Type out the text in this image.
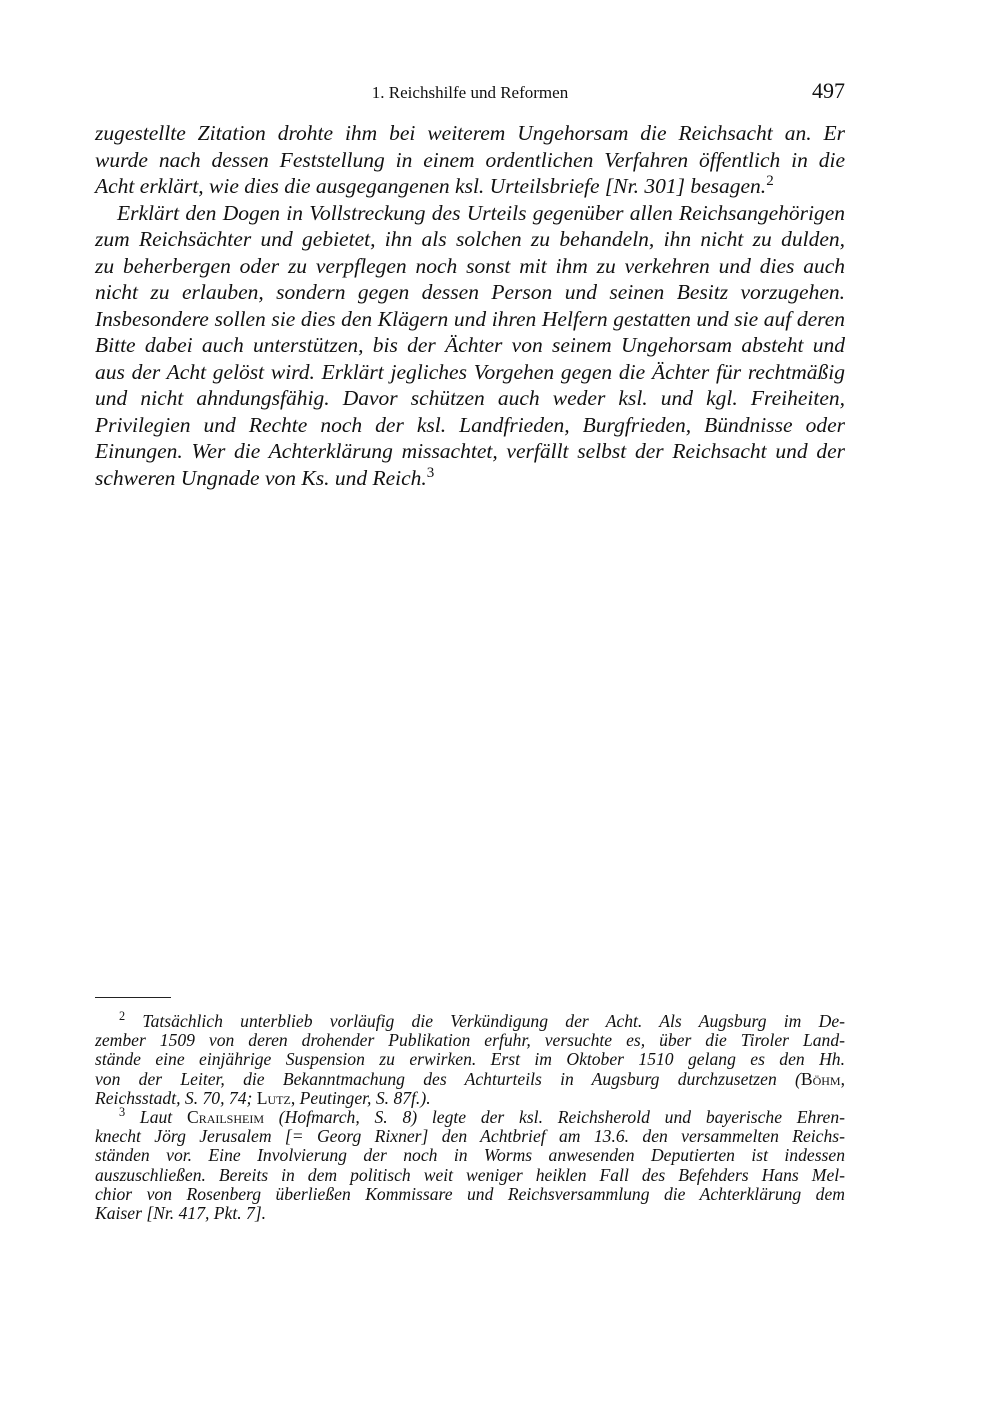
1. Reichshilfe und Reformen	497
zugestellte Zitation drohte ihm bei weiterem Ungehorsam die Reichsacht an. Er
wurde nach dessen Feststellung in einem ordentlichen Verfahren öffentlich in die
Acht erklärt, wie dies die ausgegangenen ksl. Urteilsbriefe [Nr. 301] besagen.$^2$
Erklärt den Dogen in Vollstreckung des Urteils gegenüber allen Reichsangehörigen
zum Reichsächter und gebietet, ihn als solchen zu behandeln, ihn nicht zu dulden,
zu beherbergen oder zu verpflegen noch sonst mit ihm zu verkehren und dies auch
nicht zu erlauben, sondern gegen dessen Person und seinen Besitz vorzugehen.
Insbesondere sollen sie dies den Klägern und ihren Helfern gestatten und sie auf deren
Bitte dabei auch unterstützen, bis der Ächter von seinem Ungehorsam absteht und
aus der Acht gelöst wird. Erklärt jegliches Vorgehen gegen die Ächter für rechtmäßig
und nicht ahndungsfähig. Davor schützen auch weder ksl. und kgl. Freiheiten,
Privilegien und Rechte noch der ksl. Landfrieden, Burgfrieden, Bündnisse oder
Einungen. Wer die Achterklärung missachtet, verfällt selbst der Reichsacht und der
schweren Ungnade von Ks. und Reich.$^3$
$^2$ Tatsächlich unterblieb vorläufig die Verkündigung der Acht. Als Augsburg im De-
zember 1509 von deren drohender Publikation erfuhr, versuchte es, über die Tiroler Land-
stände eine einjährige Suspension zu erwirken. Erst im Oktober 1510 gelang es den Hh.
von der Leiter, die Bekanntmachung des Achturteils in Augsburg durchzusetzen (Böhm,
Reichsstadt, S. 70, 74; Lutz, Peutinger, S. 87f.).
$^3$ Laut Crailsheim (Hofmarch, S. 8) legte der ksl. Reichsherold und bayerische Ehren-
knecht Jörg Jerusalem [= Georg Rixner] den Achtbrief am 13.6. den versammelten Reichs-
ständen vor. Eine Involvierung der noch in Worms anwesenden Deputierten ist indessen
auszuschließen. Bereits in dem politisch weit weniger heiklen Fall des Befehders Hans Mel-
chior von Rosenberg überließen Kommissare und Reichsversammlung die Achterklärung dem
Kaiser [Nr. 417, Pkt. 7].
